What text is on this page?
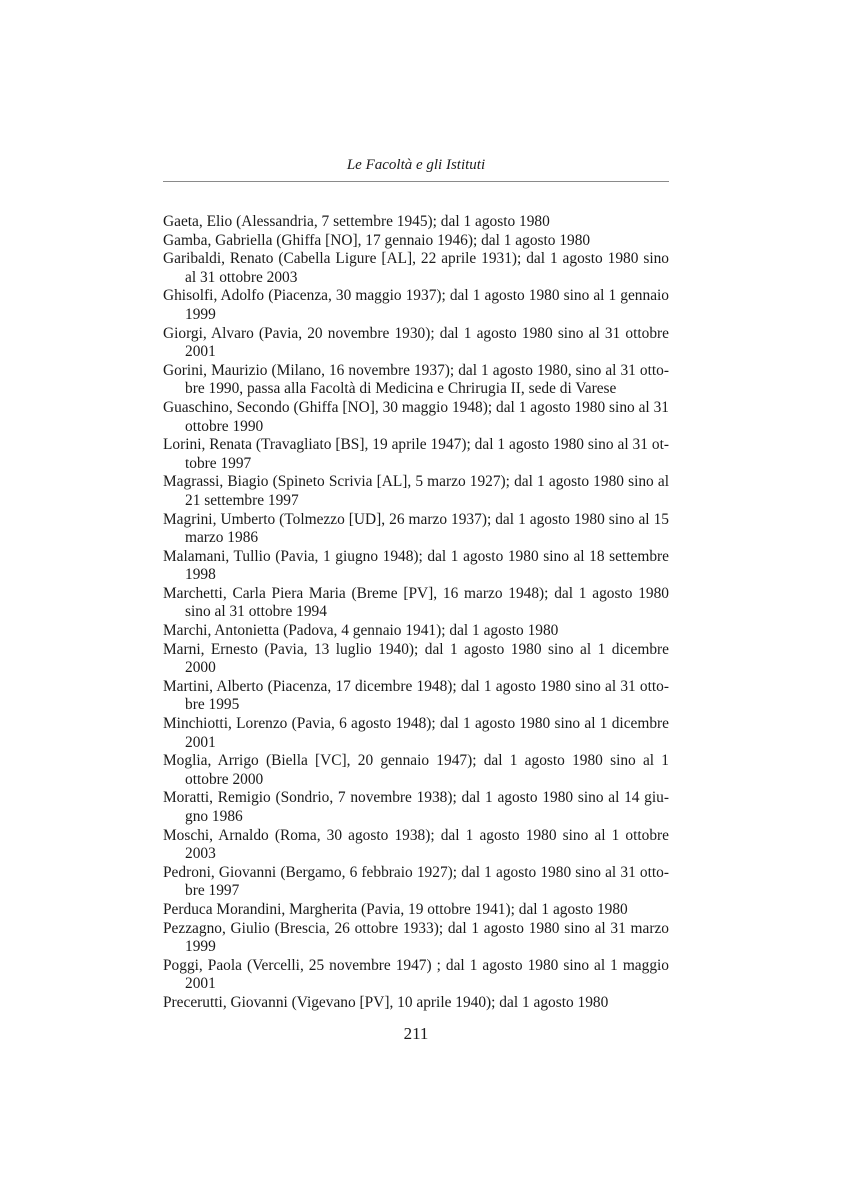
Le Facoltà e gli Istituti
Gaeta, Elio (Alessandria, 7 settembre 1945); dal 1 agosto 1980
Gamba, Gabriella (Ghiffa [NO], 17 gennaio 1946); dal 1 agosto 1980
Garibaldi, Renato (Cabella Ligure [AL], 22 aprile 1931); dal 1 agosto 1980 sino al 31 ottobre 2003
Ghisolfi, Adolfo (Piacenza, 30 maggio 1937); dal 1 agosto 1980 sino al 1 gennaio 1999
Giorgi, Alvaro (Pavia, 20 novembre 1930); dal 1 agosto 1980 sino al 31 ottobre 2001
Gorini, Maurizio (Milano, 16 novembre 1937); dal 1 agosto 1980, sino al 31 ottobre 1990, passa alla Facoltà di Medicina e Chrirugia II, sede di Varese
Guaschino, Secondo (Ghiffa [NO], 30 maggio 1948); dal 1 agosto 1980 sino al 31 ottobre 1990
Lorini, Renata (Travagliato [BS], 19 aprile 1947); dal 1 agosto 1980 sino al 31 ottobre 1997
Magrassi, Biagio (Spineto Scrivia [AL], 5 marzo 1927); dal 1 agosto 1980 sino al 21 settembre 1997
Magrini, Umberto (Tolmezzo [UD], 26 marzo 1937); dal 1 agosto 1980 sino al 15 marzo 1986
Malamani, Tullio (Pavia, 1 giugno 1948); dal 1 agosto 1980 sino al 18 settembre 1998
Marchetti, Carla Piera Maria (Breme [PV], 16 marzo 1948); dal 1 agosto 1980 sino al 31 ottobre 1994
Marchi, Antonietta (Padova, 4 gennaio 1941); dal 1 agosto 1980
Marni, Ernesto (Pavia, 13 luglio 1940); dal 1 agosto 1980 sino al 1 dicembre 2000
Martini, Alberto (Piacenza, 17 dicembre 1948); dal 1 agosto 1980 sino al 31 ottobre 1995
Minchiotti, Lorenzo (Pavia, 6 agosto 1948); dal 1 agosto 1980 sino al 1 dicembre 2001
Moglia, Arrigo (Biella [VC], 20 gennaio 1947); dal 1 agosto 1980 sino al 1 ottobre 2000
Moratti, Remigio (Sondrio, 7 novembre 1938); dal 1 agosto 1980 sino al 14 giugno 1986
Moschi, Arnaldo (Roma, 30 agosto 1938); dal 1 agosto 1980 sino al 1 ottobre 2003
Pedroni, Giovanni (Bergamo, 6 febbraio 1927); dal 1 agosto 1980 sino al 31 ottobre 1997
Perduca Morandini, Margherita (Pavia, 19 ottobre 1941); dal 1 agosto 1980
Pezzagno, Giulio (Brescia, 26 ottobre 1933); dal 1 agosto 1980 sino al 31 marzo 1999
Poggi, Paola (Vercelli, 25 novembre 1947) ; dal 1 agosto 1980 sino al 1 maggio 2001
Precerutti, Giovanni (Vigevano [PV], 10 aprile 1940); dal 1 agosto 1980
211
